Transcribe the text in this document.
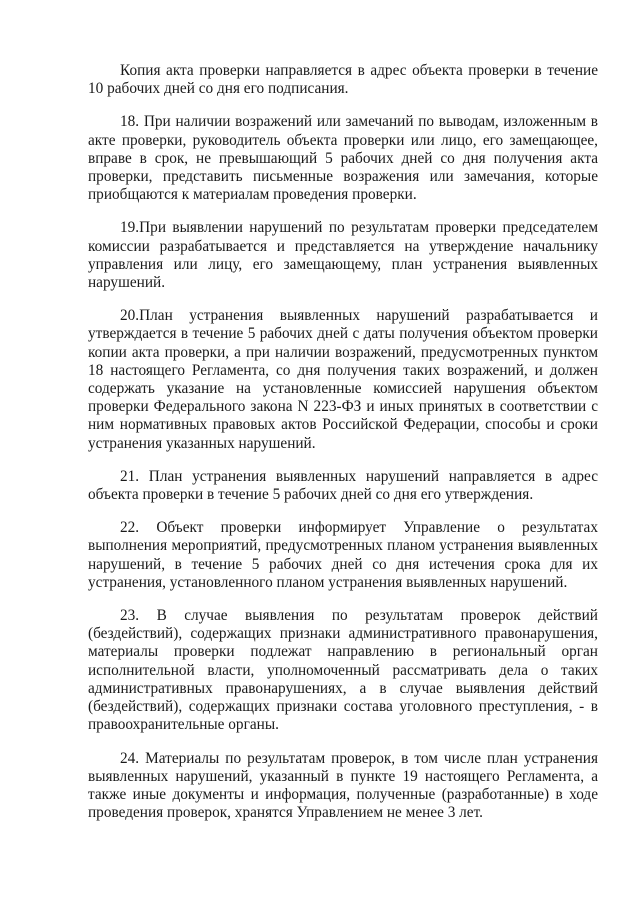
Копия акта проверки направляется в адрес объекта проверки в течение 10 рабочих дней со дня его подписания.

18. При наличии возражений или замечаний по выводам, изложенным в акте проверки, руководитель объекта проверки или лицо, его замещающее, вправе в срок, не превышающий 5 рабочих дней со дня получения акта проверки, представить письменные возражения или замечания, которые приобщаются к материалам проведения проверки.

19.При выявлении нарушений по результатам проверки председателем комиссии разрабатывается и представляется на утверждение начальнику управления или лицу, его замещающему, план устранения выявленных нарушений.

20.План устранения выявленных нарушений разрабатывается и утверждается в течение 5 рабочих дней с даты получения объектом проверки копии акта проверки, а при наличии возражений, предусмотренных пунктом 18 настоящего Регламента, со дня получения таких возражений, и должен содержать указание на установленные комиссией нарушения объектом проверки Федерального закона N 223-ФЗ и иных принятых в соответствии с ним нормативных правовых актов Российской Федерации, способы и сроки устранения указанных нарушений.

21. План устранения выявленных нарушений направляется в адрес объекта проверки в течение 5 рабочих дней со дня его утверждения.

22. Объект проверки информирует Управление о результатах выполнения мероприятий, предусмотренных планом устранения выявленных нарушений, в течение 5 рабочих дней со дня истечения срока для их устранения, установленного планом устранения выявленных нарушений.

23. В случае выявления по результатам проверок действий (бездействий), содержащих признаки административного правонарушения, материалы проверки подлежат направлению в региональный орган исполнительной власти, уполномоченный рассматривать дела о таких административных правонарушениях, а в случае выявления действий (бездействий), содержащих признаки состава уголовного преступления, - в правоохранительные органы.

24. Материалы по результатам проверок, в том числе план устранения выявленных нарушений, указанный в пункте 19 настоящего Регламента, а также иные документы и информация, полученные (разработанные) в ходе проведения проверок, хранятся Управлением не менее 3 лет.
